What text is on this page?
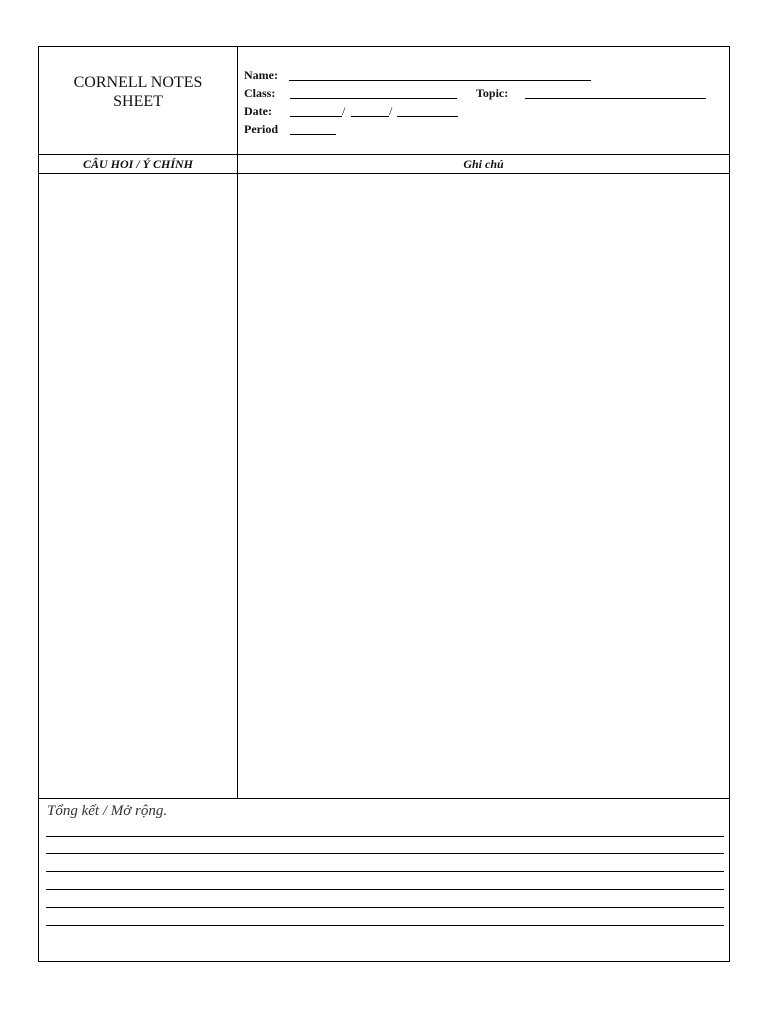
CORNELL NOTES
SHEET
Name:
Class:	Topic:
Date:	/	/
Period
CÂU HOI / Ý CHÍNH	Ghi chú
Tổng kết / Mở rộng.
